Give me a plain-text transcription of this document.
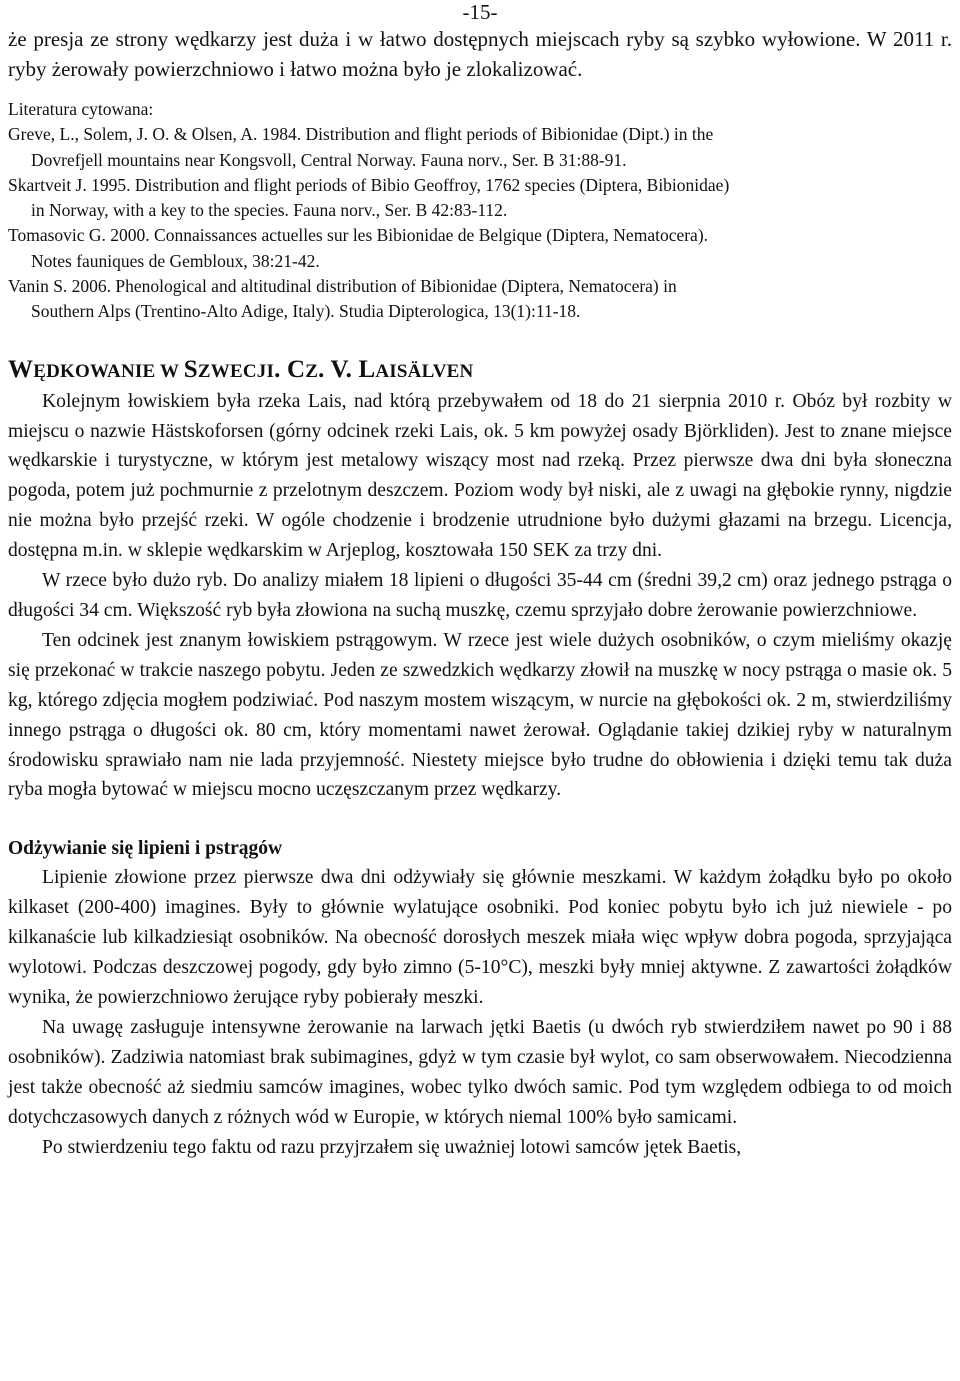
-15-

że presja ze strony wędkarzy jest duża i w łatwo dostępnych miejscach ryby są szybko wyłowione. W 2011 r. ryby żerowały powierzchniowo i łatwo można było je zlokalizować.

Literatura cytowana:
Greve, L., Solem, J. O. & Olsen, A. 1984. Distribution and flight periods of Bibionidae (Dipt.) in the
Dovrefjell mountains near Kongsvoll, Central Norway. Fauna norv., Ser. B 31:88-91.
Skartveit J. 1995. Distribution and flight periods of Bibio Geoffroy, 1762 species (Diptera, Bibionidae)
in Norway, with a key to the species. Fauna norv., Ser. B 42:83-112.
Tomasovic G. 2000. Connaissances actuelles sur les Bibionidae de Belgique (Diptera, Nematocera).
Notes fauniques de Gembloux, 38:21-42.
Vanin S. 2006. Phenological and altitudinal distribution of Bibionidae (Diptera, Nematocera) in
Southern Alps (Trentino-Alto Adige, Italy). Studia Dipterologica, 13(1):11-18.
WĘDKOWANIE W SZWECJI. CZ. V. LAISÄLVEN

Kolejnym łowiskiem była rzeka Lais, nad którą przebywałem od 18 do 21 sierpnia 2010 r. Obóz był rozbity w miejscu o nazwie Hästskoforsen (górny odcinek rzeki Lais, ok. 5 km powyżej osady Björkliden). Jest to znane miejsce wędkarskie i turystyczne, w którym jest metalowy wiszący most nad rzeką. Przez pierwsze dwa dni była słoneczna pogoda, potem już pochmurnie z przelotnym deszczem. Poziom wody był niski, ale z uwagi na głębokie rynny, nigdzie nie można było przejść rzeki. W ogóle chodzenie i brodzenie utrudnione było dużymi głazami na brzegu. Licencja, dostępna m.in. w sklepie wędkarskim w Arjeplog, kosztowała 150 SEK za trzy dni.

W rzece było dużo ryb. Do analizy miałem 18 lipieni o długości 35-44 cm (średni 39,2 cm) oraz jednego pstrąga o długości 34 cm. Większość ryb była złowiona na suchą muszkę, czemu sprzyjało dobre żerowanie powierzchniowe.

Ten odcinek jest znanym łowiskiem pstrągowym. W rzece jest wiele dużych osobników, o czym mieliśmy okazję się przekonać w trakcie naszego pobytu. Jeden ze szwedzkich wędkarzy złowił na muszkę w nocy pstrąga o masie ok. 5 kg, którego zdjęcia mogłem podziwiać. Pod naszym mostem wiszącym, w nurcie na głębokości ok. 2 m, stwierdziliśmy innego pstrąga o długości ok. 80 cm, który momentami nawet żerował. Oglądanie takiej dzikiej ryby w naturalnym środowisku sprawiało nam nie lada przyjemność. Niestety miejsce było trudne do obłowienia i dzięki temu tak duża ryba mogła bytować w miejscu mocno uczęszczanym przez wędkarzy.

Odżywianie się lipieni i pstrągów

Lipienie złowione przez pierwsze dwa dni odżywiały się głównie meszkami. W każdym żołądku było po około kilkaset (200-400) imagines. Były to głównie wylatujące osobniki. Pod koniec pobytu było ich już niewiele - po kilkanaście lub kilkadziesiąt osobników. Na obecność dorosłych meszek miała więc wpływ dobra pogoda, sprzyjająca wylotowi. Podczas deszczowej pogody, gdy było zimno (5-10°C), meszki były mniej aktywne. Z zawartości żołądków wynika, że powierzchniowo żerujące ryby pobierały meszki.

Na uwagę zasługuje intensywne żerowanie na larwach jętki Baetis (u dwóch ryb stwierdziłem nawet po 90 i 88 osobników). Zadziwia natomiast brak subimagines, gdyż w tym czasie był wylot, co sam obserwowałem. Niecodzienna jest także obecność aż siedmiu samców imagines, wobec tylko dwóch samic. Pod tym względem odbiega to od moich dotychczasowych danych z różnych wód w Europie, w których niemal 100% było samicami.

Po stwierdzeniu tego faktu od razu przyjrzałem się uważniej lotowi samców jętek Baetis,
